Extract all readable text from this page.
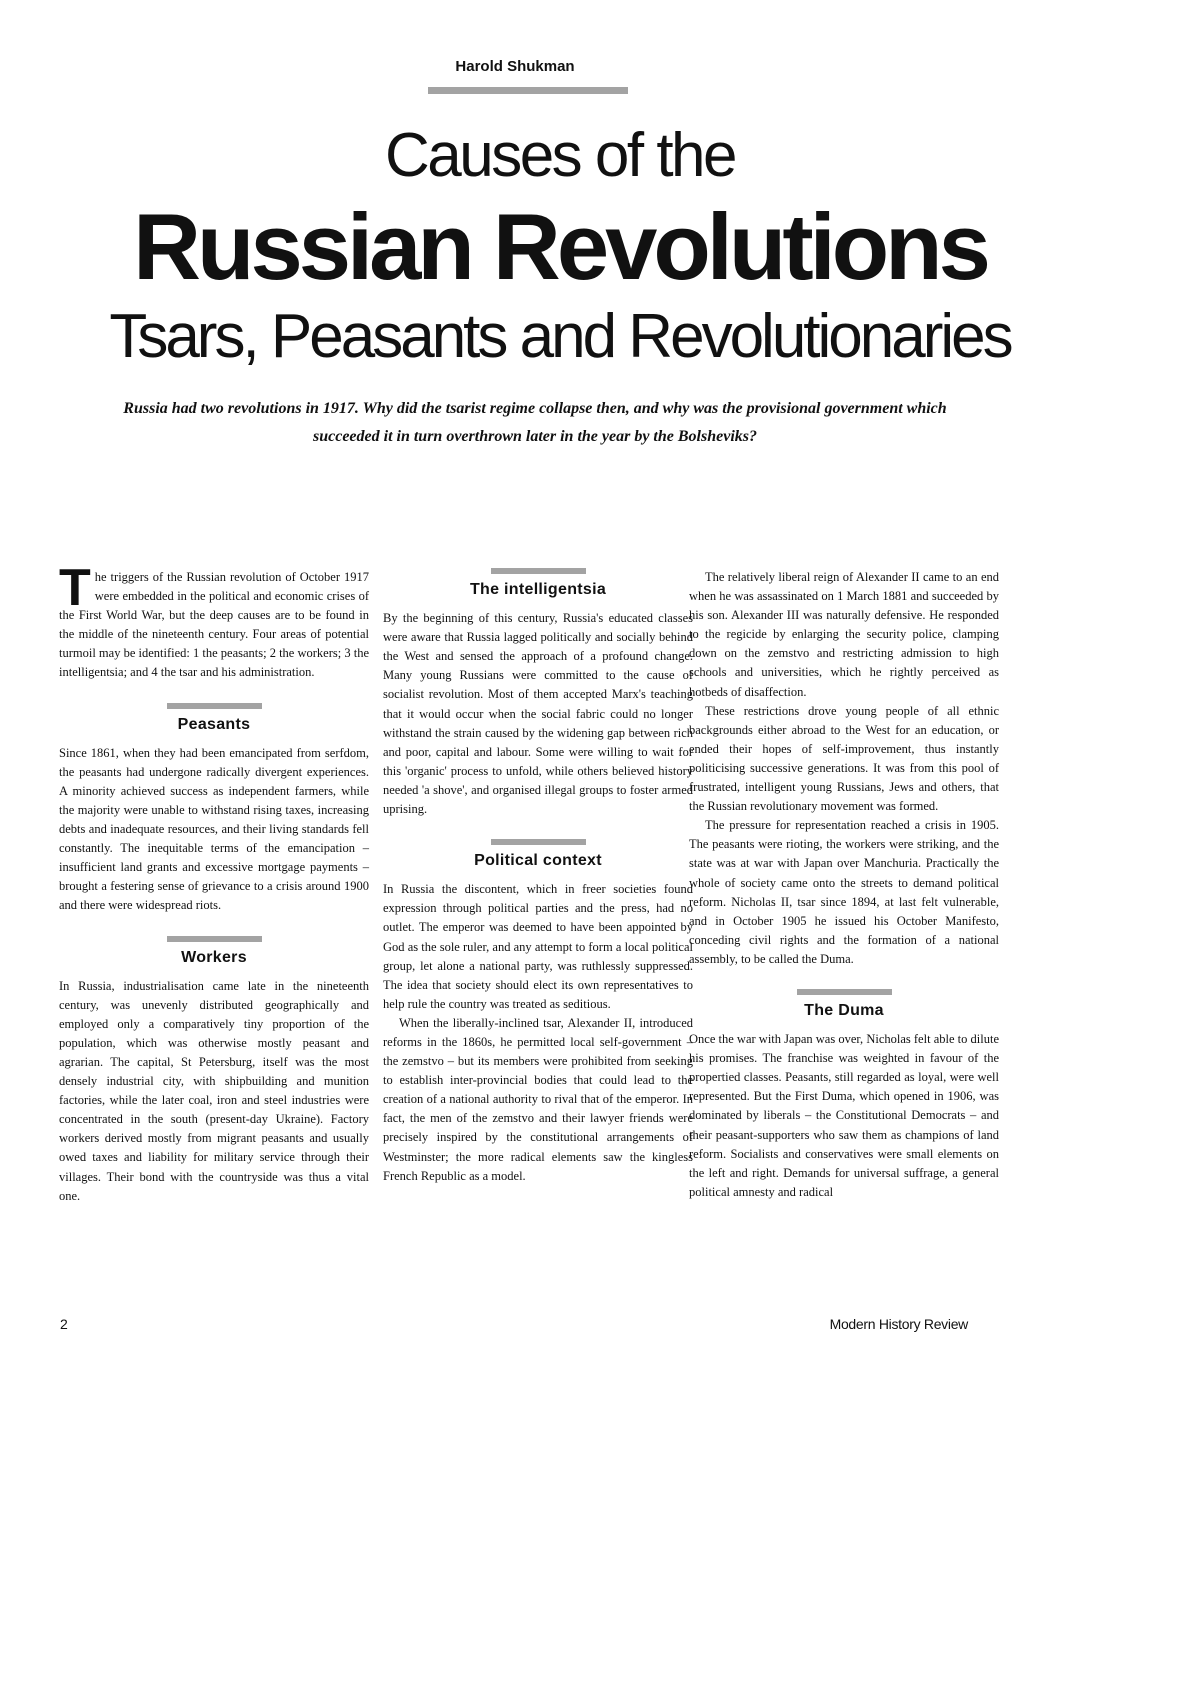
Harold Shukman
Causes of the
Russian Revolutions
Tsars, Peasants and Revolutionaries
Russia had two revolutions in 1917. Why did the tsarist regime collapse then, and why was the provisional government which succeeded it in turn overthrown later in the year by the Bolsheviks?

The triggers of the Russian revolution of October 1917 were embedded in the political and economic crises of the First World War, but the deep causes are to be found in the middle of the nineteenth century. Four areas of potential turmoil may be identified: 1 the peasants; 2 the workers; 3 the intelligentsia; and 4 the tsar and his administration.

Peasants

Since 1861, when they had been emancipated from serfdom, the peasants had undergone radically divergent experiences. A minority achieved success as independent farmers, while the majority were unable to withstand rising taxes, increasing debts and inadequate resources, and their living standards fell constantly. The inequitable terms of the emancipation – insufficient land grants and excessive mortgage payments – brought a festering sense of grievance to a crisis around 1900 and there were widespread riots.

Workers

In Russia, industrialisation came late in the nineteenth century, was unevenly distributed geographically and employed only a comparatively tiny proportion of the population, which was otherwise mostly peasant and agrarian. The capital, St Petersburg, itself was the most densely industrial city, with shipbuilding and munition factories, while the later coal, iron and steel industries were concentrated in the south (present-day Ukraine). Factory workers derived mostly from migrant peasants and usually owed taxes and liability for military service through their villages. Their bond with the countryside was thus a vital one.

The intelligentsia

By the beginning of this century, Russia's educated classes were aware that Russia lagged politically and socially behind the West and sensed the approach of a profound change. Many young Russians were committed to the cause of socialist revolution. Most of them accepted Marx's teaching that it would occur when the social fabric could no longer withstand the strain caused by the widening gap between rich and poor, capital and labour. Some were willing to wait for this 'organic' process to unfold, while others believed history needed 'a shove', and organised illegal groups to foster armed uprising.

Political context

In Russia the discontent, which in freer societies found expression through political parties and the press, had no outlet. The emperor was deemed to have been appointed by God as the sole ruler, and any attempt to form a local political group, let alone a national party, was ruthlessly suppressed. The idea that society should elect its own representatives to help rule the country was treated as seditious.

When the liberally-inclined tsar, Alexander II, introduced reforms in the 1860s, he permitted local self-government – the zemstvo – but its members were prohibited from seeking to establish inter-provincial bodies that could lead to the creation of a national authority to rival that of the emperor. In fact, the men of the zemstvo and their lawyer friends were precisely inspired by the constitutional arrangements of Westminster; the more radical elements saw the kingless French Republic as a model.

The relatively liberal reign of Alexander II came to an end when he was assassinated on 1 March 1881 and succeeded by his son. Alexander III was naturally defensive. He responded to the regicide by enlarging the security police, clamping down on the zemstvo and restricting admission to high schools and universities, which he rightly perceived as hotbeds of disaffection.

These restrictions drove young people of all ethnic backgrounds either abroad to the West for an education, or ended their hopes of self-improvement, thus instantly politicising successive generations. It was from this pool of frustrated, intelligent young Russians, Jews and others, that the Russian revolutionary movement was formed.

The pressure for representation reached a crisis in 1905. The peasants were rioting, the workers were striking, and the state was at war with Japan over Manchuria. Practically the whole of society came onto the streets to demand political reform. Nicholas II, tsar since 1894, at last felt vulnerable, and in October 1905 he issued his October Manifesto, conceding civil rights and the formation of a national assembly, to be called the Duma.

The Duma

Once the war with Japan was over, Nicholas felt able to dilute his promises. The franchise was weighted in favour of the propertied classes. Peasants, still regarded as loyal, were well represented. But the First Duma, which opened in 1906, was dominated by liberals – the Constitutional Democrats – and their peasant-supporters who saw them as champions of land reform. Socialists and conservatives were small elements on the left and right. Demands for universal suffrage, a general political amnesty and radical

2	Modern History Review
